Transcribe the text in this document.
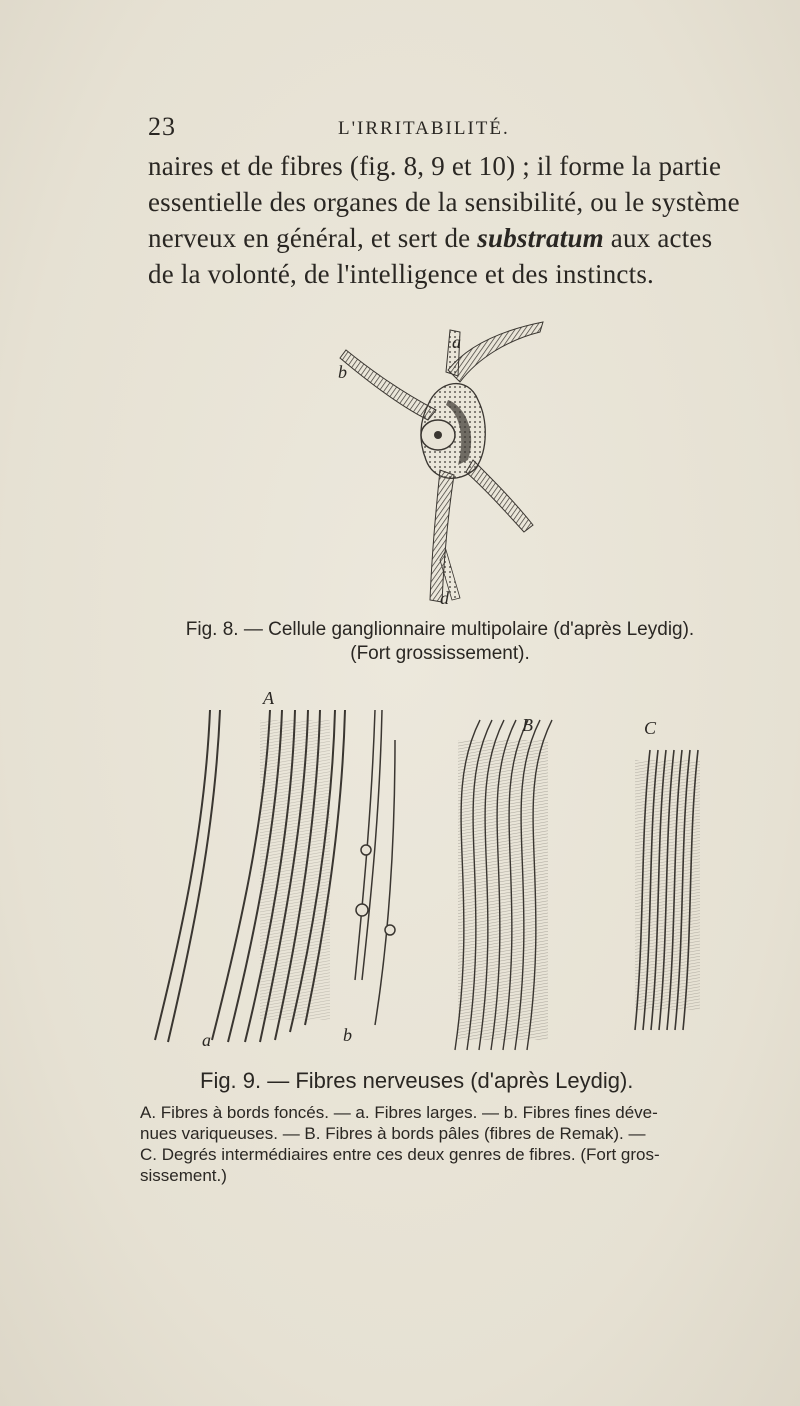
23	L'IRRITABILITÉ.
naires et de fibres (fig. 8, 9 et 10) ; il forme la partie
essentielle des organes de la sensibilité, ou le système
nerveux en général, et sert de substratum aux actes
de la volonté, de l'intelligence et des instincts.
a
b
d
Fig. 8. — Cellule ganglionnaire multipolaire (d'après Leydig).
(Fort grossissement).
A
B	C
a	b
Fig. 9. — Fibres nerveuses (d'après Leydig).
A. Fibres à bords foncés. — a. Fibres larges. — b. Fibres fines déve-
nues variqueuses. — B. Fibres à bords pâles (fibres de Remak). —
C. Degrés intermédiaires entre ces deux genres de fibres. (Fort gros-
sissement.)
